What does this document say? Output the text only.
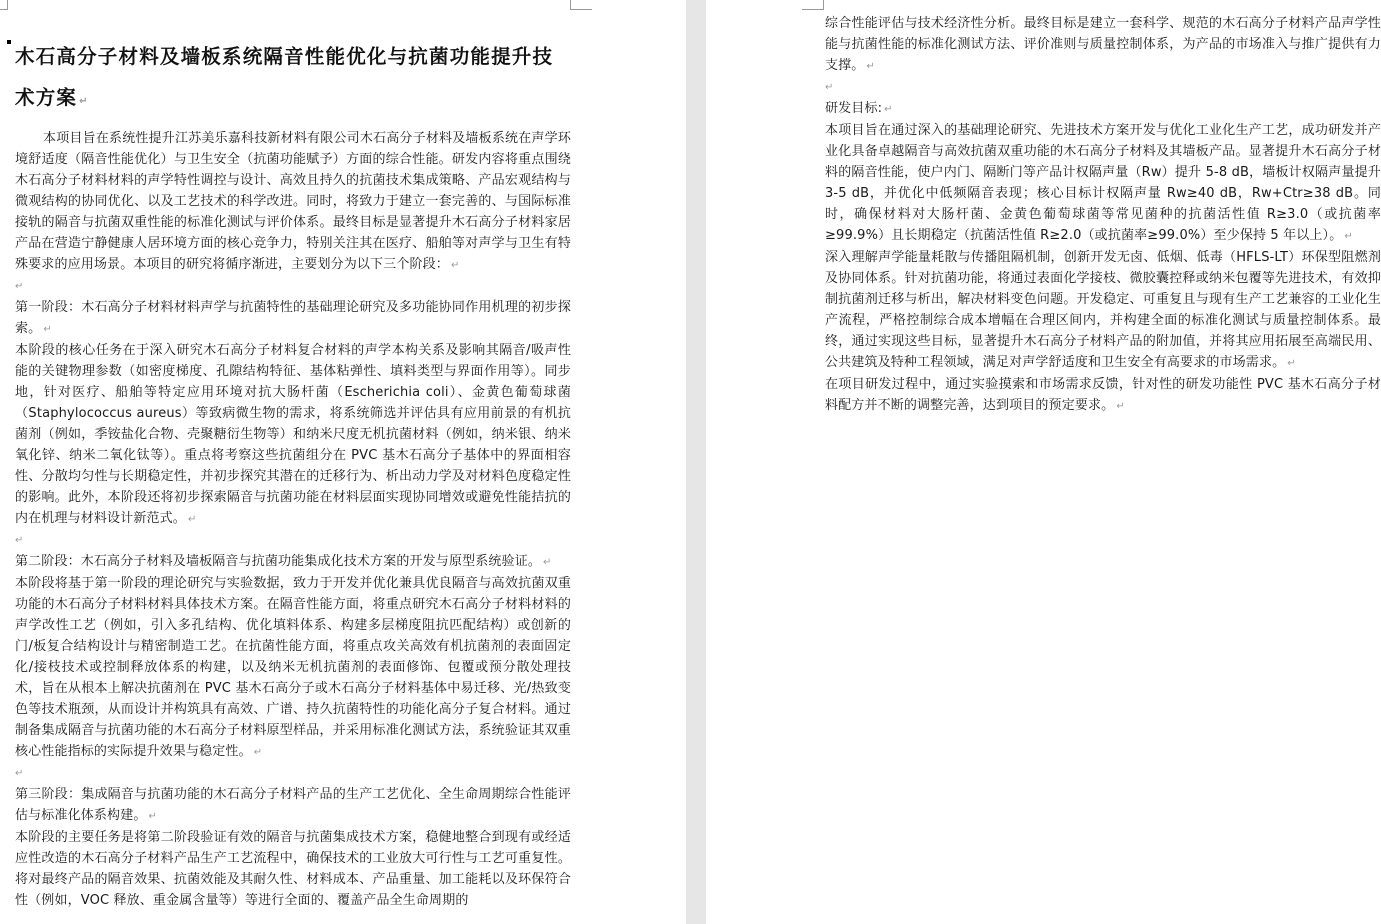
木石高分子材料及墙板系统隔音性能优化与抗菌功能提升技术方案 ↵

本项目旨在系统性提升江苏美乐嘉科技新材料有限公司木石高分子材料及墙板系统在声学环境舒适度（隔音性能优化）与卫生安全（抗菌功能赋予）方面的综合性能。研发内容将重点围绕木石高分子材料材料的声学特性调控与设计、高效且持久的抗菌技术集成策略、产品宏观结构与微观结构的协同优化、以及工艺技术的科学改进。同时，将致力于建立一套完善的、与国际标准接轨的隔音与抗菌双重性能的标准化测试与评价体系。最终目标是显著提升木石高分子材料家居产品在营造宁静健康人居环境方面的核心竞争力，特别关注其在医疗、船舶等对声学与卫生有特殊要求的应用场景。本项目的研究将循序渐进，主要划分为以下三个阶段： ↵

↵

第一阶段：木石高分子材料材料声学与抗菌特性的基础理论研究及多功能协同作用机理的初步探索。 ↵

本阶段的核心任务在于深入研究木石高分子材料复合材料的声学本构关系及影响其隔音/吸声性能的关键物理参数（如密度梯度、孔隙结构特征、基体粘弹性、填料类型与界面作用等）。同步地，针对医疗、船舶等特定应用环境对抗大肠杆菌（Escherichia coli）、金黄色葡萄球菌（Staphylococcus aureus）等致病微生物的需求，将系统筛选并评估具有应用前景的有机抗菌剂（例如，季铵盐化合物、壳聚糖衍生物等）和纳米尺度无机抗菌材料（例如，纳米银、纳米氧化锌、纳米二氧化钛等）。重点将考察这些抗菌组分在 PVC 基木石高分子基体中的界面相容性、分散均匀性与长期稳定性，并初步探究其潜在的迁移行为、析出动力学及对材料色度稳定性的影响。此外，本阶段还将初步探索隔音与抗菌功能在材料层面实现协同增效或避免性能拮抗的内在机理与材料设计新范式。 ↵

↵

第二阶段：木石高分子材料及墙板隔音与抗菌功能集成化技术方案的开发与原型系统验证。 ↵

本阶段将基于第一阶段的理论研究与实验数据，致力于开发并优化兼具优良隔音与高效抗菌双重功能的木石高分子材料材料具体技术方案。在隔音性能方面，将重点研究木石高分子材料材料的声学改性工艺（例如，引入多孔结构、优化填料体系、构建多层梯度阻抗匹配结构）或创新的门/板复合结构设计与精密制造工艺。在抗菌性能方面，将重点攻关高效有机抗菌剂的表面固定化/接枝技术或控制释放体系的构建，以及纳米无机抗菌剂的表面修饰、包覆或预分散处理技术，旨在从根本上解决抗菌剂在 PVC 基木石高分子或木石高分子材料基体中易迁移、光/热致变色等技术瓶颈，从而设计并构筑具有高效、广谱、持久抗菌特性的功能化高分子复合材料。通过制备集成隔音与抗菌功能的木石高分子材料原型样品，并采用标准化测试方法，系统验证其双重核心性能指标的实际提升效果与稳定性。 ↵

↵

第三阶段：集成隔音与抗菌功能的木石高分子材料产品的生产工艺优化、全生命周期综合性能评估与标准化体系构建。 ↵

本阶段的主要任务是将第二阶段验证有效的隔音与抗菌集成技术方案，稳健地整合到现有或经适应性改造的木石高分子材料产品生产工艺流程中，确保技术的工业放大可行性与工艺可重复性。将对最终产品的隔音效果、抗菌效能及其耐久性、材料成本、产品重量、加工能耗以及环保符合性（例如，VOC 释放、重金属含量等）等进行全面的、覆盖产品全生命周期的

综合性能评估与技术经济性分析。最终目标是建立一套科学、规范的木石高分子材料产品声学性能与抗菌性能的标准化测试方法、评价准则与质量控制体系，为产品的市场准入与推广提供有力支撑。 ↵

↵

研发目标: ↵

本项目旨在通过深入的基础理论研究、先进技术方案开发与优化工业化生产工艺，成功研发并产业化具备卓越隔音与高效抗菌双重功能的木石高分子材料及其墙板产品。显著提升木石高分子材料的隔音性能，使户内门、隔断门等产品计权隔声量（Rw）提升 5-8 dB，墙板计权隔声量提升 3-5 dB，并优化中低频隔音表现；核心目标计权隔声量 Rw≥40 dB，Rw+Ctr≥38 dB。同时，确保材料对大肠杆菌、金黄色葡萄球菌等常见菌种的抗菌活性值 R≥3.0（或抗菌率 ≥99.9%）且长期稳定（抗菌活性值 R≥2.0（或抗菌率≥99.0%）至少保持 5 年以上）。 ↵

深入理解声学能量耗散与传播阻隔机制，创新开发无卤、低烟、低毒（HFLS-LT）环保型阻燃剂及协同体系。针对抗菌功能，将通过表面化学接枝、微胶囊控释或纳米包覆等先进技术，有效抑制抗菌剂迁移与析出，解决材料变色问题。开发稳定、可重复且与现有生产工艺兼容的工业化生产流程，严格控制综合成本增幅在合理区间内，并构建全面的标准化测试与质量控制体系。最终，通过实现这些目标，显著提升木石高分子材料产品的附加值，并将其应用拓展至高端民用、公共建筑及特种工程领域，满足对声学舒适度和卫生安全有高要求的市场需求。 ↵

在项目研发过程中，通过实验摸索和市场需求反馈，针对性的研发功能性 PVC 基木石高分子材料配方并不断的调整完善，达到项目的预定要求。 ↵
